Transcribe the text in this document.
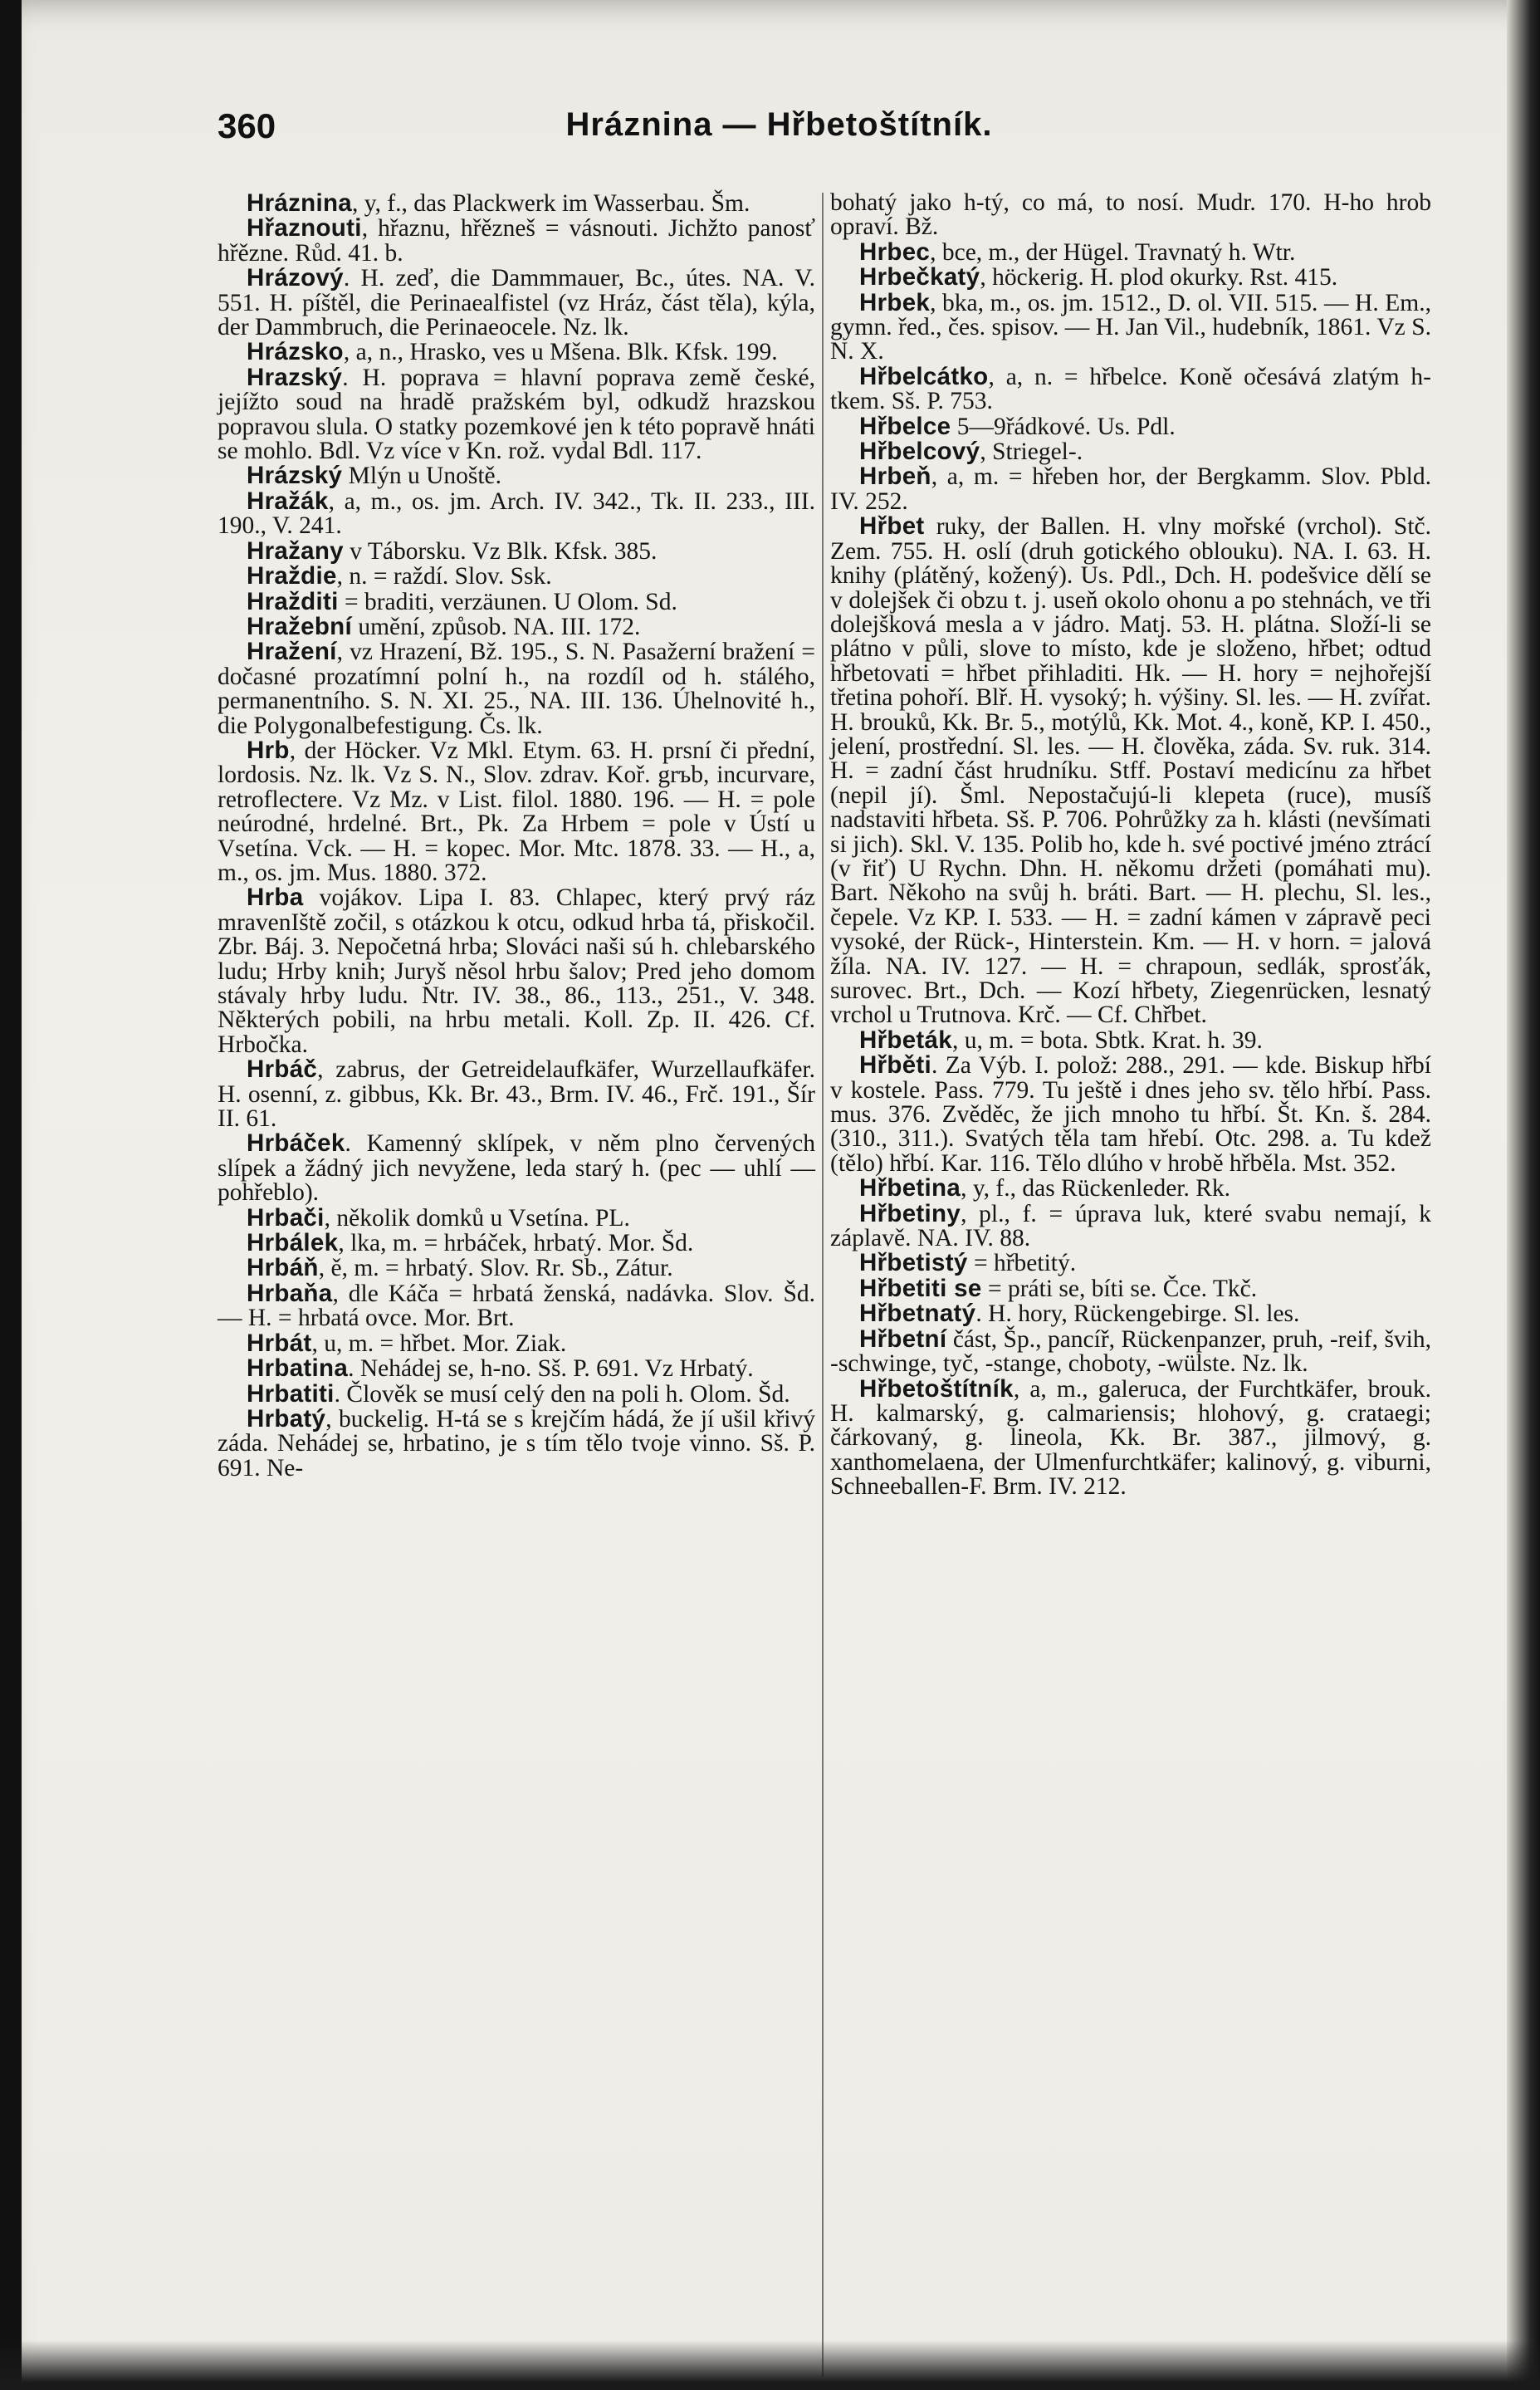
360	Hráznina — Hřbetoštítník.
Hráznina, y, f., das Plackwerk im Wasserbau. Šm.
Hřaznouti, hřaznu, hřěznеš = vásnouti. Jichžto panosť hřězne. Růd. 41. b.
Hrázový. H. zeď, die Dammmauer, Bc., útes. NA. V. 551. H. píštěl, die Perinaealfistel (vz Hráz, část těla), kýla, der Dammbruch, die Perinaeocele. Nz. lk.
Hrázsko, a, n., Hrasko, ves u Mšena. Blk. Kfsk. 199.
Hrazský. H. poprava = hlavní poprava země české, jejížto soud na hradě pražském byl, odkudž hrazskou popravou slula. O statky pozemkové jen k této popravě hnáti se mohlo. Bdl. Vz více v Kn. rož. vydal Bdl. 117.
Hrázský Mlýn u Unoště.
Hražák, a, m., os. jm. Arch. IV. 342., Tk. II. 233., III. 190., V. 241.
Hražany v Táborsku. Vz Blk. Kfsk. 385.
Hraždie, n. = raždí. Slov. Ssk.
Hražditi = braditi, verzäunen. U Olom. Sd.
Hražební umění, způsob. NA. III. 172.
Hražení, vz Hrazení, Bž. 195., S. N. Pasažerní bražení = dočasné prozatímní polní h., na rozdíl od h. stálého, permanentního. S. N. XI. 25., NA. III. 136. Úhelnovité h., die Polygonalbefestigung. Čs. lk.
Hrb, der Höcker. Vz Mkl. Etym. 63. H. prsní či přední, lordosis. Nz. lk. Vz S. N., Slov. zdrav. Koř. grъb, incurvare, retroflectere. Vz Mz. v List. filol. 1880. 196. — H. = pole neúrodné, hrdelné. Brt., Pk. Za Hrbem = pole v Ústí u Vsetína. Vck. — H. = kopec. Mor. Mtc. 1878. 33. — H., a, m., os. jm. Mus. 1880. 372.
Hrba vojákov. Lipa I. 83. Chlapec, který prvý ráz mravenIště zočil, s otázkou k otcu, odkud hrba tá, přiskočil. Zbr. Báj. 3. Nepočetná hrba; Slováci naši sú h. chlebarského ludu; Hrby knih; Juryš něsol hrbu šalov; Pred jeho domom stávaly hrby ludu. Ntr. IV. 38., 86., 113., 251., V. 348. Některých pobili, na hrbu metali. Koll. Zp. II. 426. Cf. Hrbočka.
Hrbáč, zabrus, der Getreidelaufkäfer, Wurzellaufkäfer. H. osenní, z. gibbus, Kk. Br. 43., Brm. IV. 46., Frč. 191., Šír II. 61.
Hrbáček. Kamenný sklípek, v něm plno červených slípek a žádný jich nevyžene, leda starý h. (pec — uhlí — pohřeblo).
Hrbači, několik domků u Vsetína. PL.
Hrbálek, lka, m. = hrbáček, hrbatý. Mor. Šd.
Hrbáň, ě, m. = hrbatý. Slov. Rr. Sb., Zátur.
Hrbaňa, dle Káča = hrbatá ženská, nadávka. Slov. Šd. — H. = hrbatá ovce. Mor. Brt.
Hrbát, u, m. = hřbet. Mor. Ziak.
Hrbatina. Nehádej se, h-no. Sš. P. 691. Vz Hrbatý.
Hrbatiti. Člověk se musí celý den na poli h. Olom. Šd.
Hrbatý, buckelig. H-tá se s krejčím hádá, že jí ušil křivý záda. Nehádej se, hrbatino, je s tím tělo tvoje vinno. Sš. P. 691. Ne-
bohatý jako h-tý, co má, to nosí. Mudr. 170. H-ho hrob opraví. Bž.
Hrbec, bce, m., der Hügel. Travnatý h. Wtr.
Hrbečkatý, höckerig. H. plod okurky. Rst. 415.
Hrbek, bka, m., os. jm. 1512., D. ol. VII. 515. — H. Em., gymn. řed., čes. spisov. — H. Jan Vil., hudebník, 1861. Vz S. N. X.
Hřbelcátko, a, n. = hřbelce. Koně očesává zlatým h-tkem. Sš. P. 753.
Hřbelce 5—9řádkové. Us. Pdl.
Hřbelcový, Striegel-.
Hrbeň, a, m. = hřeben hor, der Bergkamm. Slov. Pbld. IV. 252.
Hřbet ruky, der Ballen. H. vlny mořské (vrchol). Stč. Zem. 755. H. oslí (druh gotického oblouku). NA. I. 63. H. knihy (plátěný, kožený). Us. Pdl., Dch. H. podešvice dělí se v dolejšek či obzu t. j. useň okolo ohonu a po stehnách, ve tři dolejšková mesla a v jádro. Matj. 53. H. plátna. Složí-li se plátno v půli, slove to místo, kde je složeno, hřbet; odtud hřbetovati = hřbet přihladiti. Hk. — H. hory = nejhořejší třetina pohoří. Blř. H. vysoký; h. výšiny. Sl. les. — H. zvířat. H. brouků, Kk. Br. 5., motýlů, Kk. Mot. 4., koně, KP. I. 450., jelení, prostřední. Sl. les. — H. člověka, záda. Sv. ruk. 314. H. = zadní část hrudníku. Stff. Postaví medicínu za hřbet (nepil jí). Šml. Nepostačujú-li klepeta (ruce), musíš nadstaviti hřbeta. Sš. P. 706. Pohrůžky za h. klásti (nevšímati si jich). Skl. V. 135. Polib ho, kde h. své poctivé jméno ztrácí (v řiť) U Rychn. Dhn. H. někomu držeti (pomáhati mu). Bart. Někoho na svůj h. bráti. Bart. — H. plechu, Sl. les., čepele. Vz KP. I. 533. — H. = zadní kámen v zápravě peci vysoké, der Rück-, Hinterstein. Km. — H. v horn. = jalová žíla. NA. IV. 127. — H. = chrapoun, sedlák, sprosťák, surovec. Brt., Dch. — Kozí hřbety, Ziegenrücken, lesnatý vrchol u Trutnova. Krč. — Cf. Chřbet.
Hřbeták, u, m. = bota. Sbtk. Krat. h. 39.
Hřběti. Za Výb. I. polož: 288., 291. — kde. Biskup hřbí v kostele. Pass. 779. Tu ještě i dnes jeho sv. tělo hřbí. Pass. mus. 376. Zvěděc, že jich mnoho tu hřbí. Št. Kn. š. 284. (310., 311.). Svatých těla tam hřebí. Otc. 298. a. Tu kdež (tělo) hřbí. Kar. 116. Tělo dlúho v hrobě hřběla. Mst. 352.
Hřbetina, y, f., das Rückenleder. Rk.
Hřbetiny, pl., f. = úprava luk, které svabu nemají, k záplavě. NA. IV. 88.
Hřbetistý = hřbetitý.
Hřbetiti se = práti se, bíti se. Čce. Tkč.
Hřbetnatý. H. hory, Rückengebirge. Sl. les.
Hřbetní část, Šp., pancíř, Rückenpanzer, pruh, -reif, švih, -schwinge, tyč, -stange, choboty, -wülste. Nz. lk.
Hřbetoštítník, a, m., galeruca, der Furchtkäfer, brouk. H. kalmarský, g. calmariensis; hlohový, g. crataegi; čárkovaný, g. lineola, Kk. Br. 387., jilmový, g. xanthomelaena, der Ulmenfurchtkäfer; kalinový, g. viburni, Schneeballen-F. Brm. IV. 212.
